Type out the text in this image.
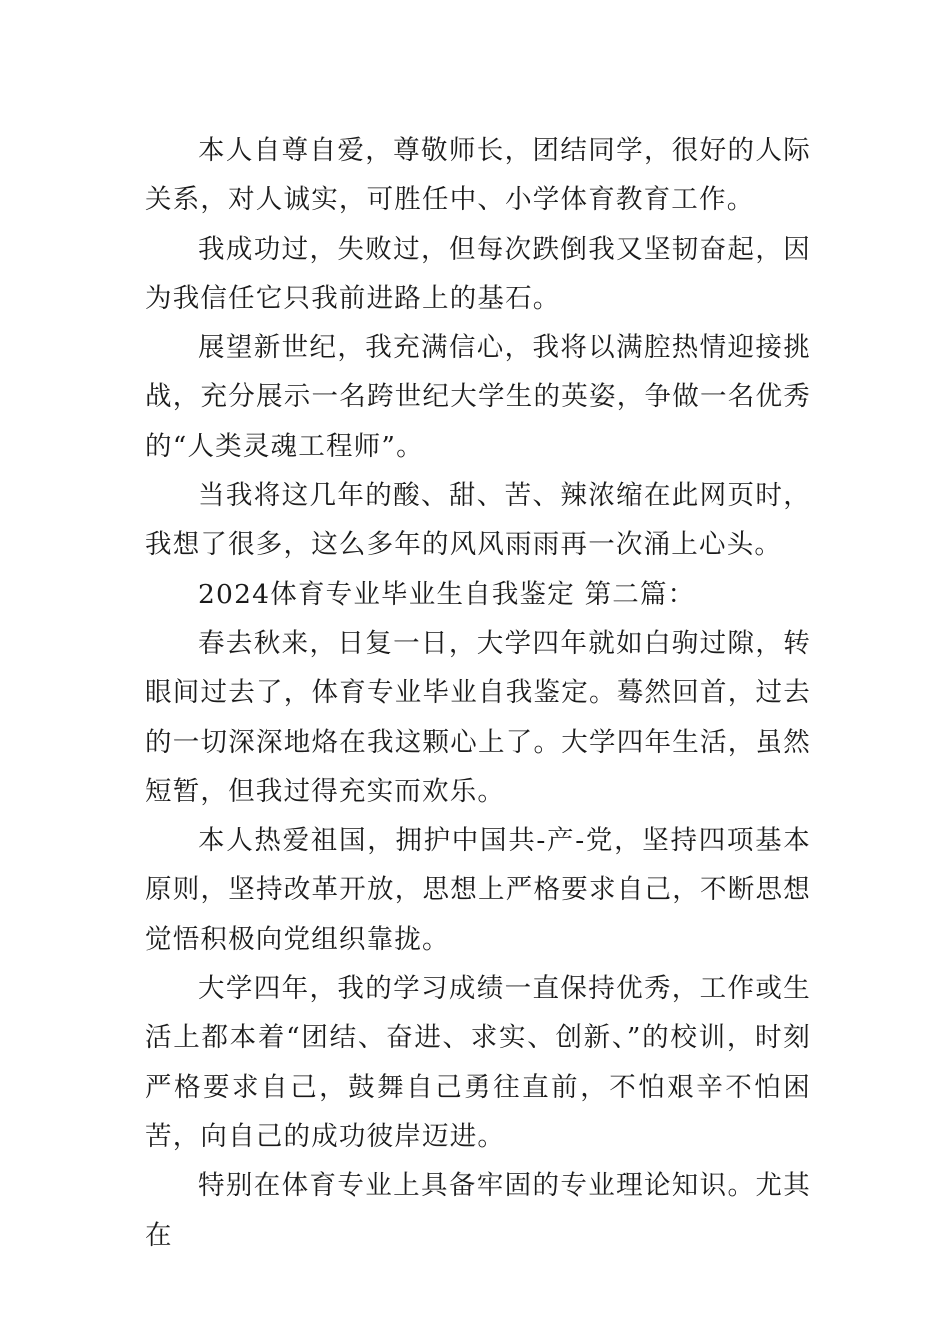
本人自尊自爱，尊敬师长，团结同学，很好的人际关系，对人诚实，可胜任中、小学体育教育工作。

我成功过，失败过，但每次跌倒我又坚韧奋起，因为我信任它只我前进路上的基石。

展望新世纪，我充满信心，我将以满腔热情迎接挑战，充分展示一名跨世纪大学生的英姿，争做一名优秀的“人类灵魂工程师”。

当我将这几年的酸、甜、苦、辣浓缩在此网页时，我想了很多，这么多年的风风雨雨再一次涌上心头。

2024体育专业毕业生自我鉴定 第二篇：

春去秋来，日复一日，大学四年就如白驹过隙，转眼间过去了，体育专业毕业自我鉴定。蓦然回首，过去的一切深深地烙在我这颗心上了。大学四年生活，虽然短暂，但我过得充实而欢乐。

本人热爱祖国，拥护中国共-产-党，坚持四项基本原则，坚持改革开放，思想上严格要求自己，不断思想觉悟积极向党组织靠拢。

大学四年，我的学习成绩一直保持优秀，工作或生活上都本着“团结、奋进、求实、创新、”的校训，时刻严格要求自己，鼓舞自己勇往直前，不怕艰辛不怕困苦，向自己的成功彼岸迈进。

特别在体育专业上具备牢固的专业理论知识。尤其在
